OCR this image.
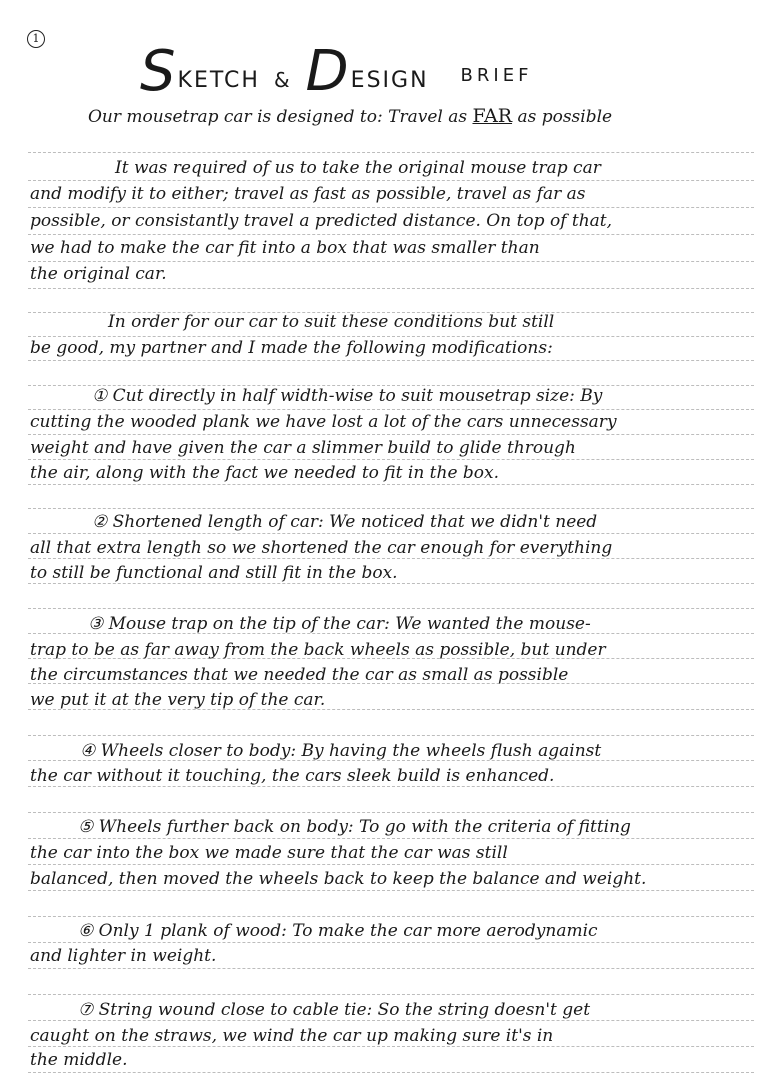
1
S KETCH & D ESIGN BRIEF
Our mousetrap car is designed to: Travel as FAR as possible
It was required of us to take the original mouse trap car
and modify it to either; travel as fast as possible, travel as far as
possible, or consistantly travel a predicted distance. On top of that,
we had to make the car fit into a box that was smaller than
the original car.
In order for our car to suit these conditions but still
be good, my partner and I made the following modifications:
① Cut directly in half width-wise to suit mousetrap size: By
cutting the wooded plank we have lost a lot of the cars unnecessary
weight and have given the car a slimmer build to glide through
the air, along with the fact we needed to fit in the box.
② Shortened length of car: We noticed that we didn't need
all that extra length so we shortened the car enough for everything
to still be functional and still fit in the box.
③ Mouse trap on the tip of the car: We wanted the mouse-
trap to be as far away from the back wheels as possible, but under
the circumstances that we needed the car as small as possible
we put it at the very tip of the car.
④ Wheels closer to body: By having the wheels flush against
the car without it touching, the cars sleek build is enhanced.
⑤ Wheels further back on body: To go with the criteria of fitting
the car into the box we made sure that the car was still
balanced, then moved the wheels back to keep the balance and weight.
⑥ Only 1 plank of wood: To make the car more aerodynamic
and lighter in weight.
⑦ String wound close to cable tie: So the string doesn't get
caught on the straws, we wind the car up making sure it's in
the middle.
